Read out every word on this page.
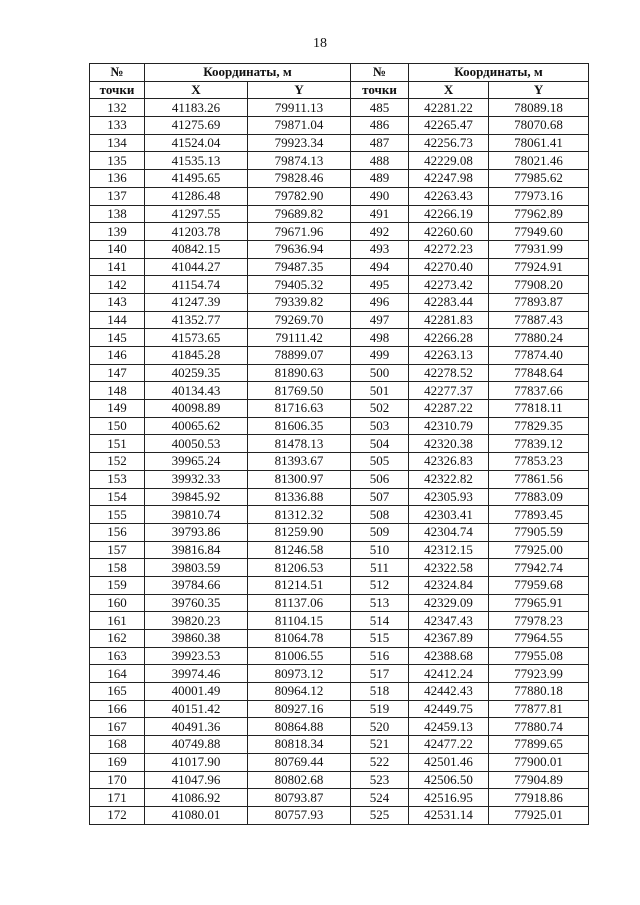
18
№	Координаты, м		№	Координаты, м	
точки	X	Y	точки	X	Y
132	41183.26	79911.13	485	42281.22	78089.18
133	41275.69	79871.04	486	42265.47	78070.68
134	41524.04	79923.34	487	42256.73	78061.41
135	41535.13	79874.13	488	42229.08	78021.46
136	41495.65	79828.46	489	42247.98	77985.62
137	41286.48	79782.90	490	42263.43	77973.16
138	41297.55	79689.82	491	42266.19	77962.89
139	41203.78	79671.96	492	42260.60	77949.60
140	40842.15	79636.94	493	42272.23	77931.99
141	41044.27	79487.35	494	42270.40	77924.91
142	41154.74	79405.32	495	42273.42	77908.20
143	41247.39	79339.82	496	42283.44	77893.87
144	41352.77	79269.70	497	42281.83	77887.43
145	41573.65	79111.42	498	42266.28	77880.24
146	41845.28	78899.07	499	42263.13	77874.40
147	40259.35	81890.63	500	42278.52	77848.64
148	40134.43	81769.50	501	42277.37	77837.66
149	40098.89	81716.63	502	42287.22	77818.11
150	40065.62	81606.35	503	42310.79	77829.35
151	40050.53	81478.13	504	42320.38	77839.12
152	39965.24	81393.67	505	42326.83	77853.23
153	39932.33	81300.97	506	42322.82	77861.56
154	39845.92	81336.88	507	42305.93	77883.09
155	39810.74	81312.32	508	42303.41	77893.45
156	39793.86	81259.90	509	42304.74	77905.59
157	39816.84	81246.58	510	42312.15	77925.00
158	39803.59	81206.53	511	42322.58	77942.74
159	39784.66	81214.51	512	42324.84	77959.68
160	39760.35	81137.06	513	42329.09	77965.91
161	39820.23	81104.15	514	42347.43	77978.23
162	39860.38	81064.78	515	42367.89	77964.55
163	39923.53	81006.55	516	42388.68	77955.08
164	39974.46	80973.12	517	42412.24	77923.99
165	40001.49	80964.12	518	42442.43	77880.18
166	40151.42	80927.16	519	42449.75	77877.81
167	40491.36	80864.88	520	42459.13	77880.74
168	40749.88	80818.34	521	42477.22	77899.65
169	41017.90	80769.44	522	42501.46	77900.01
170	41047.96	80802.68	523	42506.50	77904.89
171	41086.92	80793.87	524	42516.95	77918.86
172	41080.01	80757.93	525	42531.14	77925.01
